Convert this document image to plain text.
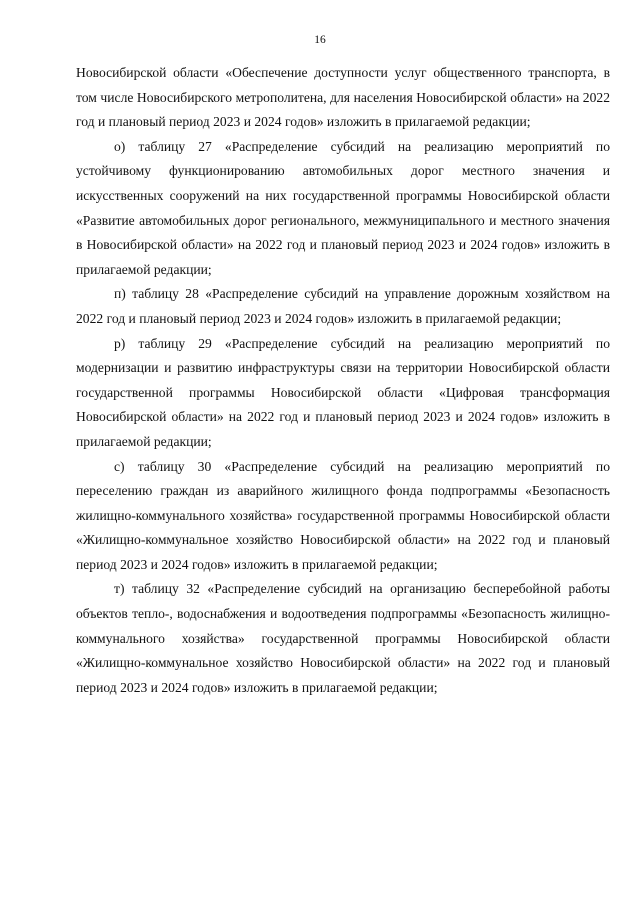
16

Новосибирской области «Обеспечение доступности услуг общественного транспорта, в том числе Новосибирского метрополитена, для населения Новосибирской области» на 2022 год и плановый период 2023 и 2024 годов» изложить в прилагаемой редакции;

о) таблицу 27 «Распределение субсидий на реализацию мероприятий по устойчивому функционированию автомобильных дорог местного значения и искусственных сооружений на них государственной программы Новосибирской области «Развитие автомобильных дорог регионального, межмуниципального и местного значения в Новосибирской области» на 2022 год и плановый период 2023 и 2024 годов» изложить в прилагаемой редакции;

п) таблицу 28 «Распределение субсидий на управление дорожным хозяйством на 2022 год и плановый период 2023 и 2024 годов» изложить в прилагаемой редакции;

р) таблицу 29 «Распределение субсидий на реализацию мероприятий по модернизации и развитию инфраструктуры связи на территории Новосибирской области государственной программы Новосибирской области «Цифровая трансформация Новосибирской области» на 2022 год и плановый период 2023 и 2024 годов» изложить в прилагаемой редакции;

с) таблицу 30 «Распределение субсидий на реализацию мероприятий по переселению граждан из аварийного жилищного фонда подпрограммы «Безопасность жилищно-коммунального хозяйства» государственной программы Новосибирской области «Жилищно-коммунальное хозяйство Новосибирской области» на 2022 год и плановый период 2023 и 2024 годов» изложить в прилагаемой редакции;

т) таблицу 32 «Распределение субсидий на организацию бесперебойной работы объектов тепло-, водоснабжения и водоотведения подпрограммы «Безопасность жилищно-коммунального хозяйства» государственной программы Новосибирской области «Жилищно-коммунальное хозяйство Новосибирской области» на 2022 год и плановый период 2023 и 2024 годов» изложить в прилагаемой редакции;
